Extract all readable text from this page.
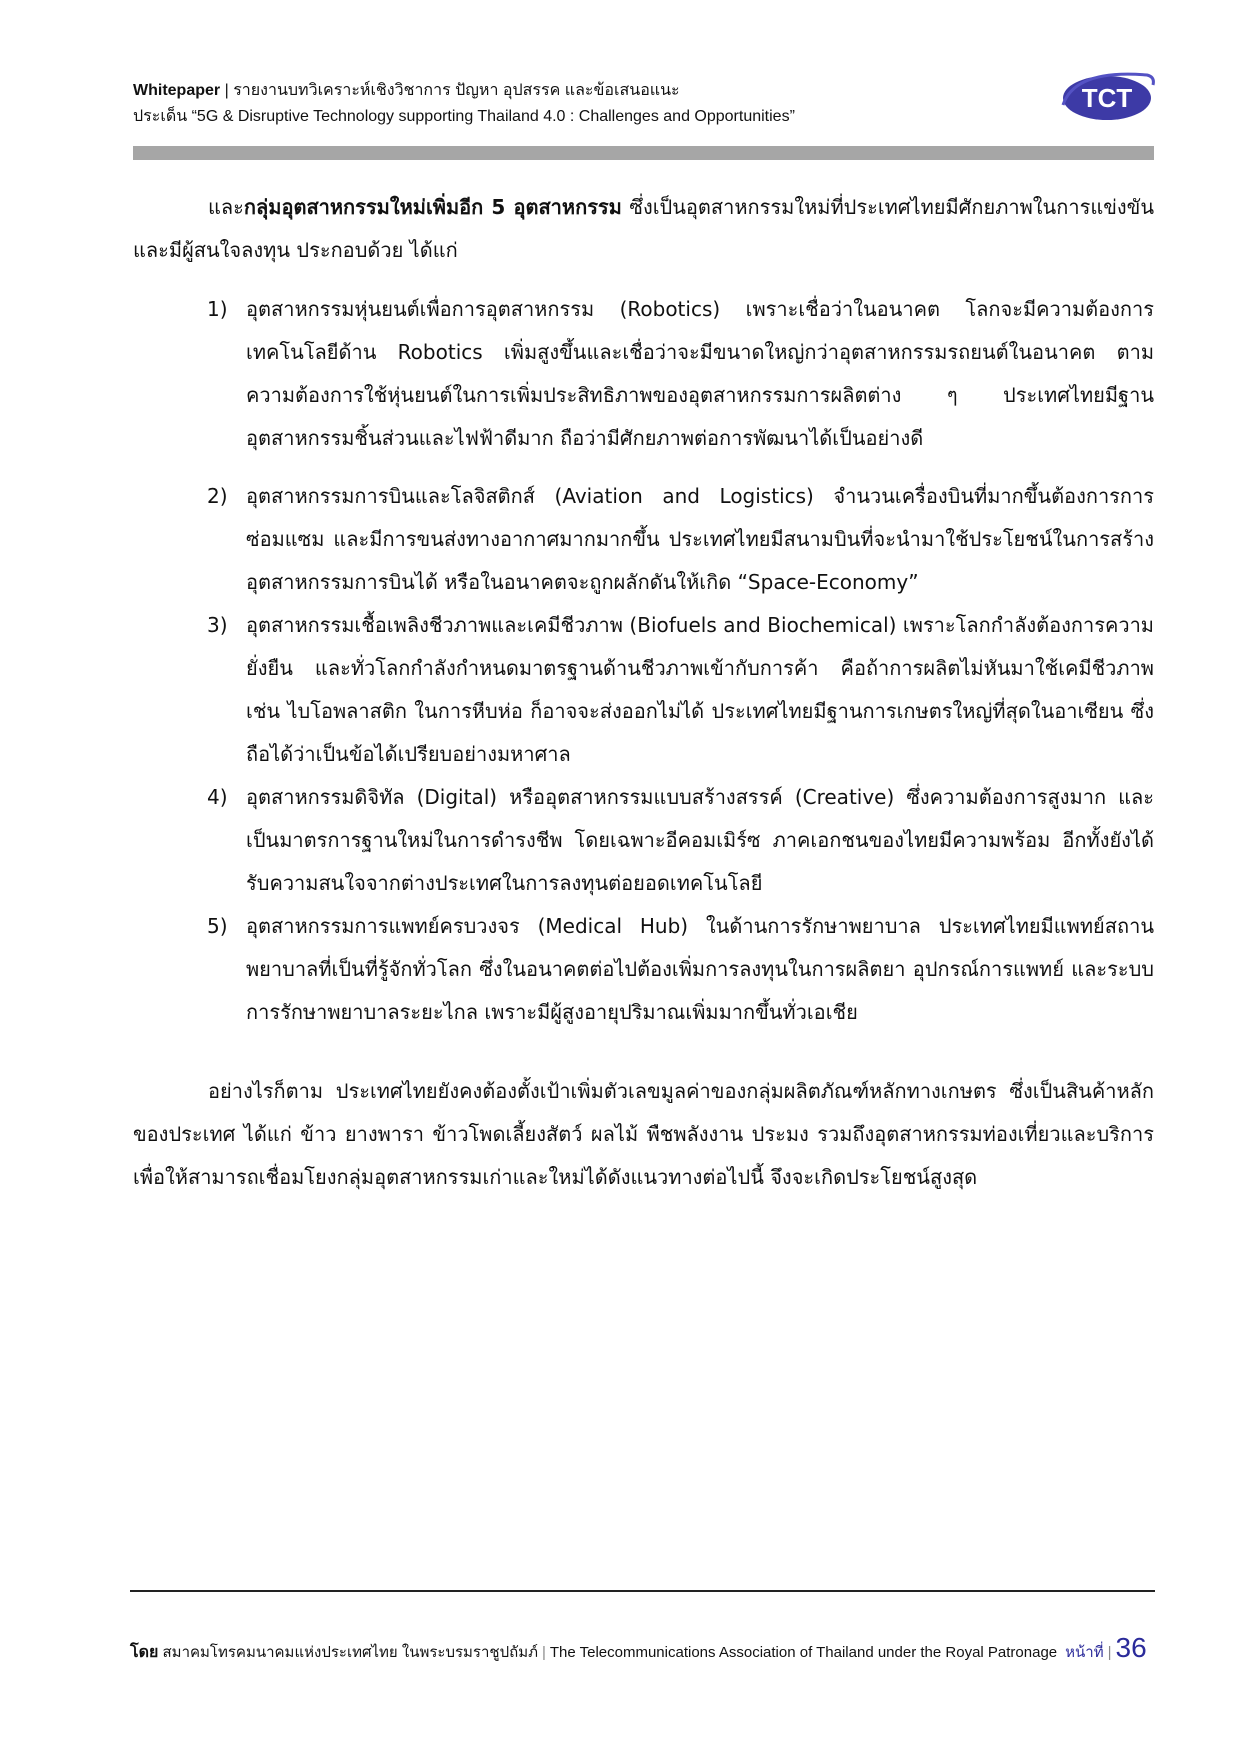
Whitepaper | รายงานบทวิเคราะห์เชิงวิชาการ ปัญหา อุปสรรค และข้อเสนอแนะ
ประเด็น “5G & Disruptive Technology supporting Thailand 4.0 : Challenges and Opportunities”
TCT

และกลุ่มอุตสาหกรรมใหม่เพิ่มอีก 5 อุตสาหกรรม ซึ่งเป็นอุตสาหกรรมใหม่ที่ประเทศไทยมีศักยภาพในการแข่งขัน และมีผู้สนใจลงทุน ประกอบด้วย ได้แก่

1) อุตสาหกรรมหุ่นยนต์เพื่อการอุตสาหกรรม (Robotics) เพราะเชื่อว่าในอนาคต โลกจะมีความต้องการเทคโนโลยีด้าน Robotics เพิ่มสูงขึ้นและเชื่อว่าจะมีขนาดใหญ่กว่าอุตสาหกรรมรถยนต์ในอนาคต ตามความต้องการใช้หุ่นยนต์ในการเพิ่มประสิทธิภาพของอุตสาหกรรมการผลิตต่าง ๆ ประเทศไทยมีฐานอุตสาหกรรมชิ้นส่วนและไฟฟ้าดีมาก ถือว่ามีศักยภาพต่อการพัฒนาได้เป็นอย่างดี
2) อุตสาหกรรมการบินและโลจิสติกส์ (Aviation and Logistics) จำนวนเครื่องบินที่มากขึ้นต้องการการซ่อมแซม และมีการขนส่งทางอากาศมากมากขึ้น ประเทศไทยมีสนามบินที่จะนำมาใช้ประโยชน์ในการสร้างอุตสาหกรรมการบินได้ หรือในอนาคตจะถูกผลักดันให้เกิด “Space-Economy”
3) อุตสาหกรรมเชื้อเพลิงชีวภาพและเคมีชีวภาพ (Biofuels and Biochemical) เพราะโลกกำลังต้องการความยั่งยืน และทั่วโลกกำลังกำหนดมาตรฐานด้านชีวภาพเข้ากับการค้า คือถ้าการผลิตไม่หันมาใช้เคมีชีวภาพ เช่น ไบโอพลาสติก ในการหีบห่อ ก็อาจจะส่งออกไม่ได้ ประเทศไทยมีฐานการเกษตรใหญ่ที่สุดในอาเซียน ซึ่งถือได้ว่าเป็นข้อได้เปรียบอย่างมหาศาล
4) อุตสาหกรรมดิจิทัล (Digital) หรืออุตสาหกรรมแบบสร้างสรรค์ (Creative) ซึ่งความต้องการสูงมาก และเป็นมาตรการฐานใหม่ในการดำรงชีพ โดยเฉพาะอีคอมเมิร์ซ ภาคเอกชนของไทยมีความพร้อม อีกทั้งยังได้รับความสนใจจากต่างประเทศในการลงทุนต่อยอดเทคโนโลยี
5) อุตสาหกรรมการแพทย์ครบวงจร (Medical Hub) ในด้านการรักษาพยาบาล ประเทศไทยมีแพทย์สถานพยาบาลที่เป็นที่รู้จักทั่วโลก ซึ่งในอนาคตต่อไปต้องเพิ่มการลงทุนในการผลิตยา อุปกรณ์การแพทย์ และระบบการรักษาพยาบาลระยะไกล เพราะมีผู้สูงอายุปริมาณเพิ่มมากขึ้นทั่วเอเชีย

อย่างไรก็ตาม ประเทศไทยยังคงต้องตั้งเป้าเพิ่มตัวเลขมูลค่าของกลุ่มผลิตภัณฑ์หลักทางเกษตร ซึ่งเป็นสินค้าหลักของประเทศ ได้แก่ ข้าว ยางพารา ข้าวโพดเลี้ยงสัตว์ ผลไม้ พืชพลังงาน ประมง รวมถึงอุตสาหกรรมท่องเที่ยวและบริการ เพื่อให้สามารถเชื่อมโยงกลุ่มอุตสาหกรรมเก่าและใหม่ได้ดังแนวทางต่อไปนี้ จึงจะเกิดประโยชน์สูงสุด

โดย
สมาคมโทรคมนาคมแห่งประเทศไทย ในพระบรมราชูปถัมภ์ | The Telecommunications Association of Thailand under the Royal Patronage หน้าที่ | 36
